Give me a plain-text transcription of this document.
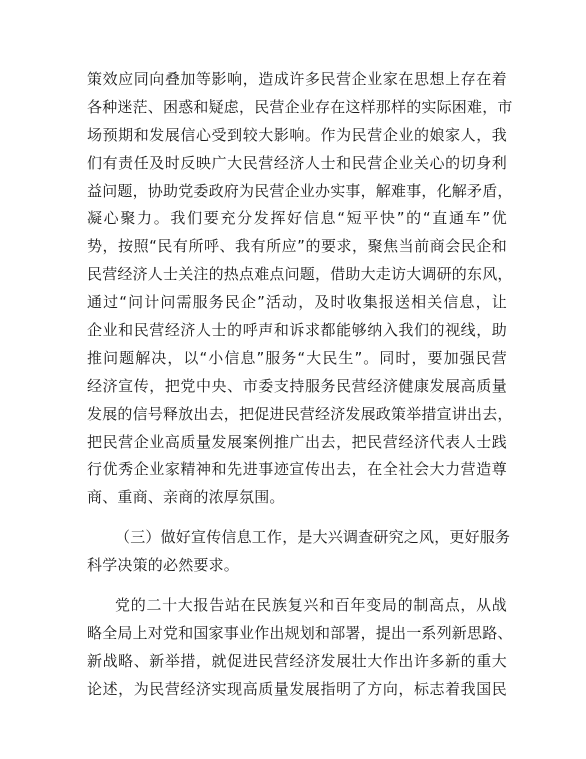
策效应同向叠加等影响，造成许多民营企业家在思想上存在着
各种迷茫、困惑和疑虑，民营企业存在这样那样的实际困难，市
场预期和发展信心受到较大影响。作为民营企业的娘家人，我
们有责任及时反映广大民营经济人士和民营企业关心的切身利
益问题，协助党委政府为民营企业办实事，解难事，化解矛盾，
凝心聚力。我们要充分发挥好信息“短平快”的“直通车”优
势，按照“民有所呼、我有所应”的要求，聚焦当前商会民企和
民营经济人士关注的热点难点问题，借助大走访大调研的东风，
通过“问计问需服务民企”活动，及时收集报送相关信息，让
企业和民营经济人士的呼声和诉求都能够纳入我们的视线，助
推问题解决，以“小信息”服务“大民生”。同时，要加强民营
经济宣传，把党中央、市委支持服务民营经济健康发展高质量
发展的信号释放出去，把促进民营经济发展政策举措宣讲出去，
把民营企业高质量发展案例推广出去，把民营经济代表人士践
行优秀企业家精神和先进事迹宣传出去，在全社会大力营造尊
商、重商、亲商的浓厚氛围。
（三）做好宣传信息工作，是大兴调查研究之风，更好服务
科学决策的必然要求。
党的二十大报告站在民族复兴和百年变局的制高点，从战
略全局上对党和国家事业作出规划和部署，提出一系列新思路、
新战略、新举措，就促进民营经济发展壮大作出许多新的重大
论述，为民营经济实现高质量发展指明了方向，标志着我国民
